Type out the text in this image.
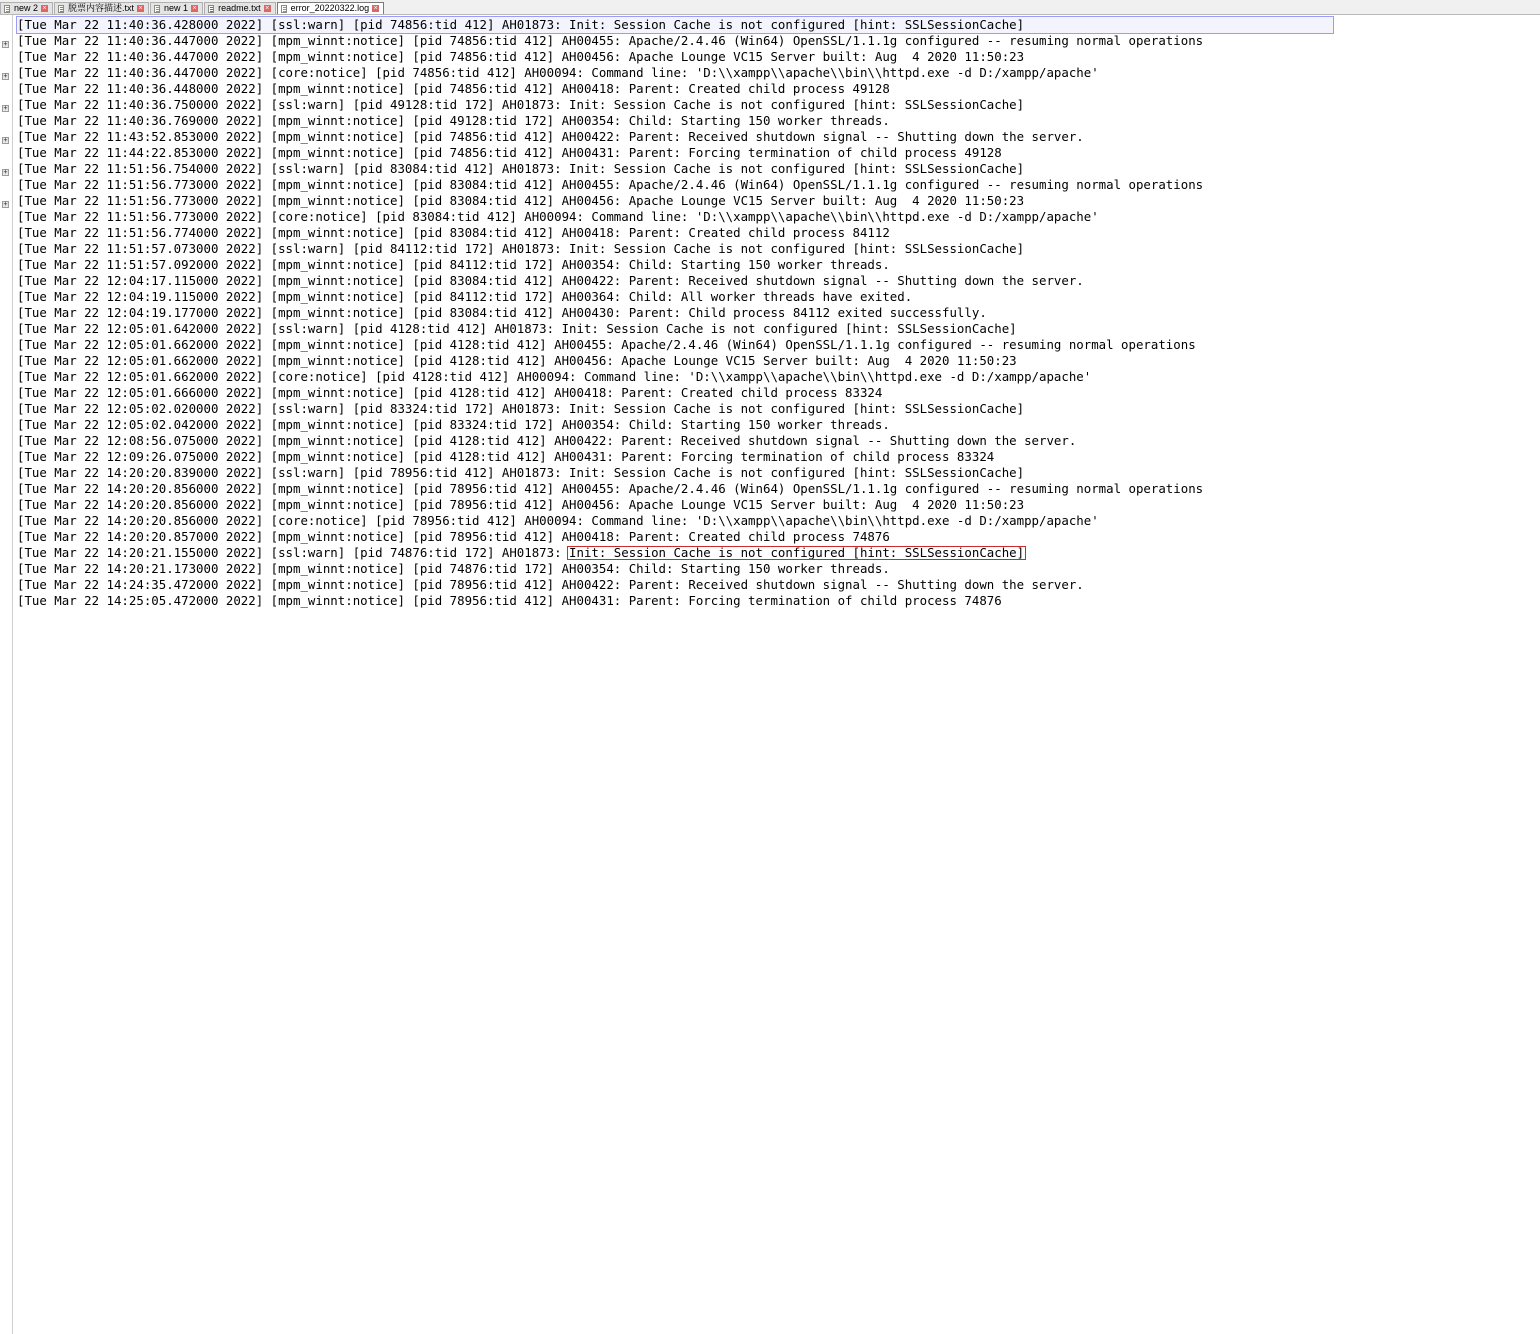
new 2 × 脱票内容描述.txt × new 1 × readme.txt × error_20220322.log ×
+
+
+
+
+
+
[Tue Mar 22 11:40:36.428000 2022] [ssl:warn] [pid 74856:tid 412] AH01873: Init: Session Cache is not configured [hint: SSLSessionCache]
[Tue Mar 22 11:40:36.447000 2022] [mpm_winnt:notice] [pid 74856:tid 412] AH00455: Apache/2.4.46 (Win64) OpenSSL/1.1.1g configured -- resuming normal operations
[Tue Mar 22 11:40:36.447000 2022] [mpm_winnt:notice] [pid 74856:tid 412] AH00456: Apache Lounge VC15 Server built: Aug  4 2020 11:50:23
[Tue Mar 22 11:40:36.447000 2022] [core:notice] [pid 74856:tid 412] AH00094: Command line: 'D:\\xampp\\apache\\bin\\httpd.exe -d D:/xampp/apache'
[Tue Mar 22 11:40:36.448000 2022] [mpm_winnt:notice] [pid 74856:tid 412] AH00418: Parent: Created child process 49128
[Tue Mar 22 11:40:36.750000 2022] [ssl:warn] [pid 49128:tid 172] AH01873: Init: Session Cache is not configured [hint: SSLSessionCache]
[Tue Mar 22 11:40:36.769000 2022] [mpm_winnt:notice] [pid 49128:tid 172] AH00354: Child: Starting 150 worker threads.
[Tue Mar 22 11:43:52.853000 2022] [mpm_winnt:notice] [pid 74856:tid 412] AH00422: Parent: Received shutdown signal -- Shutting down the server.
[Tue Mar 22 11:44:22.853000 2022] [mpm_winnt:notice] [pid 74856:tid 412] AH00431: Parent: Forcing termination of child process 49128
[Tue Mar 22 11:51:56.754000 2022] [ssl:warn] [pid 83084:tid 412] AH01873: Init: Session Cache is not configured [hint: SSLSessionCache]
[Tue Mar 22 11:51:56.773000 2022] [mpm_winnt:notice] [pid 83084:tid 412] AH00455: Apache/2.4.46 (Win64) OpenSSL/1.1.1g configured -- resuming normal operations
[Tue Mar 22 11:51:56.773000 2022] [mpm_winnt:notice] [pid 83084:tid 412] AH00456: Apache Lounge VC15 Server built: Aug  4 2020 11:50:23
[Tue Mar 22 11:51:56.773000 2022] [core:notice] [pid 83084:tid 412] AH00094: Command line: 'D:\\xampp\\apache\\bin\\httpd.exe -d D:/xampp/apache'
[Tue Mar 22 11:51:56.774000 2022] [mpm_winnt:notice] [pid 83084:tid 412] AH00418: Parent: Created child process 84112
[Tue Mar 22 11:51:57.073000 2022] [ssl:warn] [pid 84112:tid 172] AH01873: Init: Session Cache is not configured [hint: SSLSessionCache]
[Tue Mar 22 11:51:57.092000 2022] [mpm_winnt:notice] [pid 84112:tid 172] AH00354: Child: Starting 150 worker threads.
[Tue Mar 22 12:04:17.115000 2022] [mpm_winnt:notice] [pid 83084:tid 412] AH00422: Parent: Received shutdown signal -- Shutting down the server.
[Tue Mar 22 12:04:19.115000 2022] [mpm_winnt:notice] [pid 84112:tid 172] AH00364: Child: All worker threads have exited.
[Tue Mar 22 12:04:19.177000 2022] [mpm_winnt:notice] [pid 83084:tid 412] AH00430: Parent: Child process 84112 exited successfully.
[Tue Mar 22 12:05:01.642000 2022] [ssl:warn] [pid 4128:tid 412] AH01873: Init: Session Cache is not configured [hint: SSLSessionCache]
[Tue Mar 22 12:05:01.662000 2022] [mpm_winnt:notice] [pid 4128:tid 412] AH00455: Apache/2.4.46 (Win64) OpenSSL/1.1.1g configured -- resuming normal operations
[Tue Mar 22 12:05:01.662000 2022] [mpm_winnt:notice] [pid 4128:tid 412] AH00456: Apache Lounge VC15 Server built: Aug  4 2020 11:50:23
[Tue Mar 22 12:05:01.662000 2022] [core:notice] [pid 4128:tid 412] AH00094: Command line: 'D:\\xampp\\apache\\bin\\httpd.exe -d D:/xampp/apache'
[Tue Mar 22 12:05:01.666000 2022] [mpm_winnt:notice] [pid 4128:tid 412] AH00418: Parent: Created child process 83324
[Tue Mar 22 12:05:02.020000 2022] [ssl:warn] [pid 83324:tid 172] AH01873: Init: Session Cache is not configured [hint: SSLSessionCache]
[Tue Mar 22 12:05:02.042000 2022] [mpm_winnt:notice] [pid 83324:tid 172] AH00354: Child: Starting 150 worker threads.
[Tue Mar 22 12:08:56.075000 2022] [mpm_winnt:notice] [pid 4128:tid 412] AH00422: Parent: Received shutdown signal -- Shutting down the server.
[Tue Mar 22 12:09:26.075000 2022] [mpm_winnt:notice] [pid 4128:tid 412] AH00431: Parent: Forcing termination of child process 83324
[Tue Mar 22 14:20:20.839000 2022] [ssl:warn] [pid 78956:tid 412] AH01873: Init: Session Cache is not configured [hint: SSLSessionCache]
[Tue Mar 22 14:20:20.856000 2022] [mpm_winnt:notice] [pid 78956:tid 412] AH00455: Apache/2.4.46 (Win64) OpenSSL/1.1.1g configured -- resuming normal operations
[Tue Mar 22 14:20:20.856000 2022] [mpm_winnt:notice] [pid 78956:tid 412] AH00456: Apache Lounge VC15 Server built: Aug  4 2020 11:50:23
[Tue Mar 22 14:20:20.856000 2022] [core:notice] [pid 78956:tid 412] AH00094: Command line: 'D:\\xampp\\apache\\bin\\httpd.exe -d D:/xampp/apache'
[Tue Mar 22 14:20:20.857000 2022] [mpm_winnt:notice] [pid 78956:tid 412] AH00418: Parent: Created child process 74876
[Tue Mar 22 14:20:21.155000 2022] [ssl:warn] [pid 74876:tid 172] AH01873: Init: Session Cache is not configured [hint: SSLSessionCache]
[Tue Mar 22 14:20:21.173000 2022] [mpm_winnt:notice] [pid 74876:tid 172] AH00354: Child: Starting 150 worker threads.
[Tue Mar 22 14:24:35.472000 2022] [mpm_winnt:notice] [pid 78956:tid 412] AH00422: Parent: Received shutdown signal -- Shutting down the server.
[Tue Mar 22 14:25:05.472000 2022] [mpm_winnt:notice] [pid 78956:tid 412] AH00431: Parent: Forcing termination of child process 74876
